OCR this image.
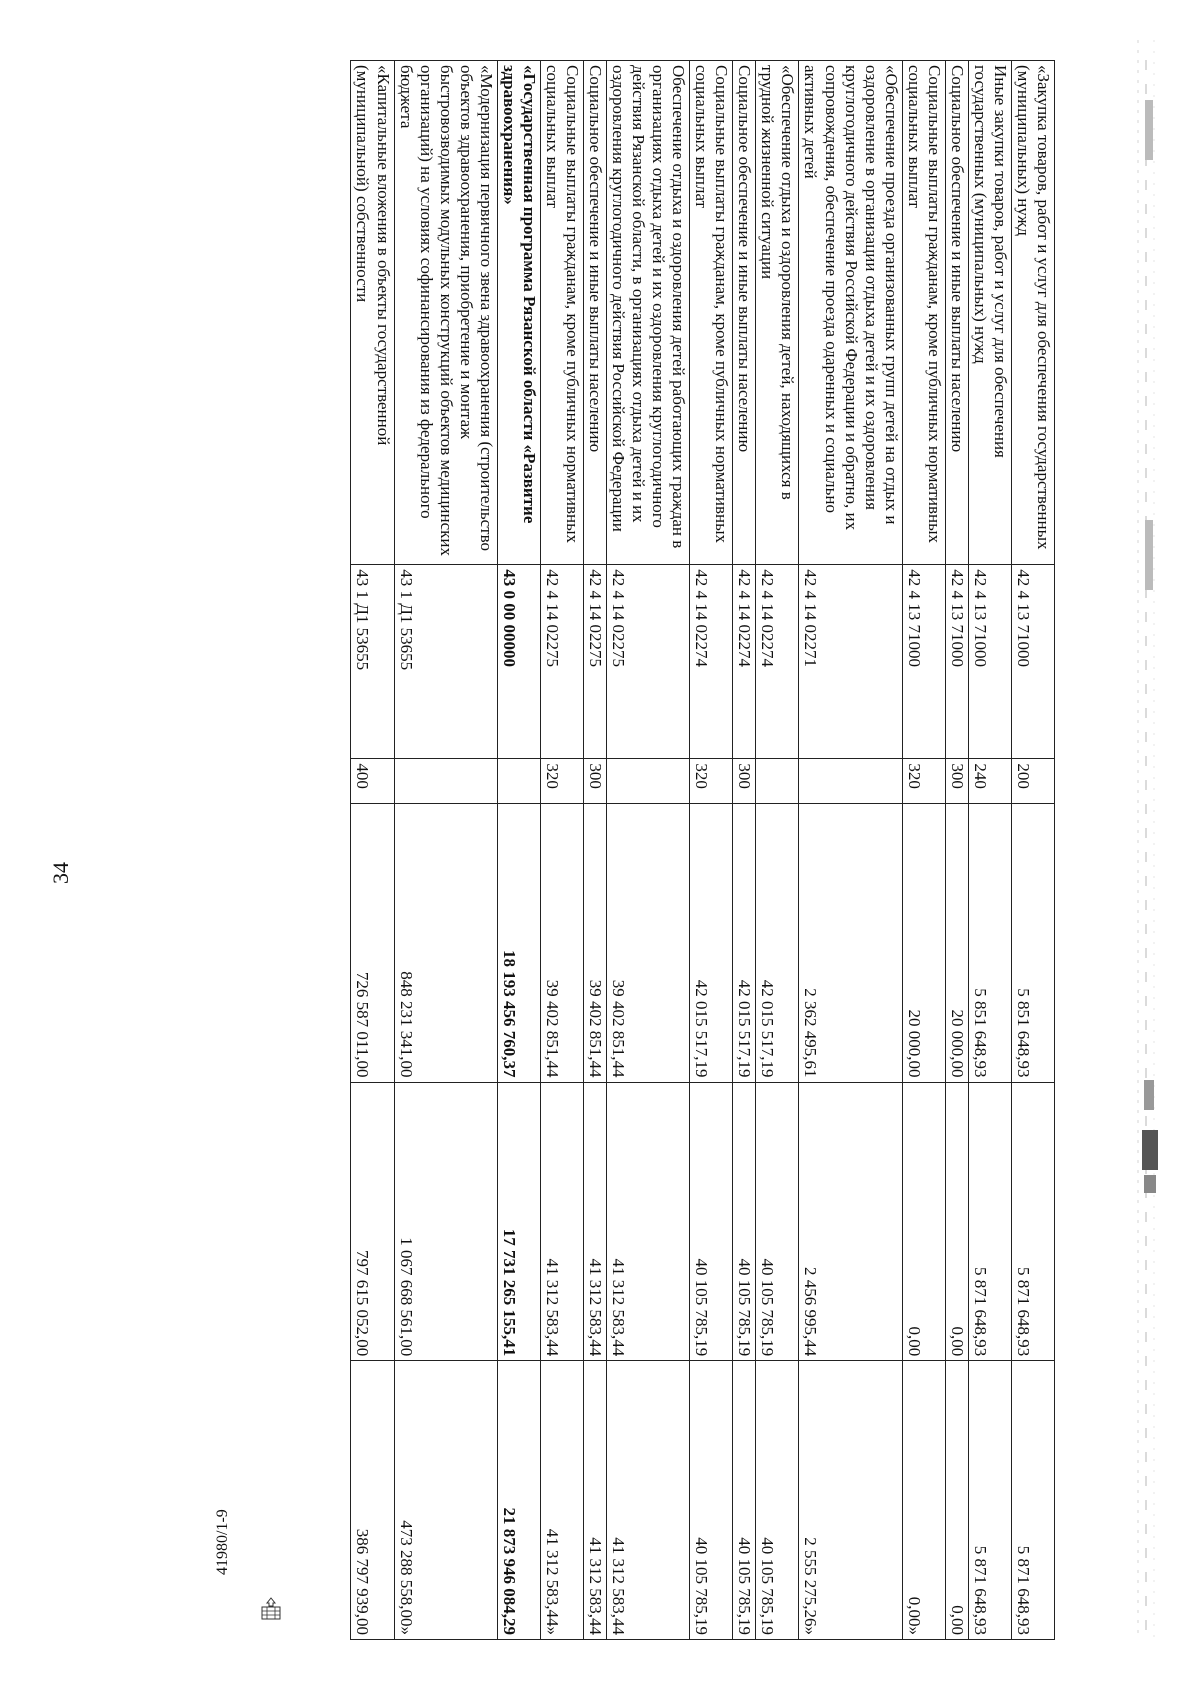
34
«Закупка товаров, работ и услуг для обеспечения государственных (муниципальных) нужд	42 4 13 71000	200	5 851 648,93	5 871 648,93	5 871 648,93
Иные закупки товаров, работ и услуг для обеспечения государственных (муниципальных) нужд	42 4 13 71000	240	5 851 648,93	5 871 648,93	5 871 648,93
Социальное обеспечение и иные выплаты населению	42 4 13 71000	300	20 000,00	0,00	0,00
Социальные выплаты гражданам, кроме публичных нормативных социальных выплат	42 4 13 71000	320	20 000,00	0,00	0,00»
«Обеспечение проезда организованных групп детей на отдых и оздоровление в организации отдыха детей и их оздоровления круглогодичного действия Российской Федерации и обратно, их сопровождения, обеспечение проезда одаренных и социально активных детей	42 4 14 02271		2 362 495,61	2 456 995,44	2 555 275,26»
«Обеспечение отдыха и оздоровления детей, находящихся в трудной жизненной ситуации	42 4 14 02274		42 015 517,19	40 105 785,19	40 105 785,19
Социальное обеспечение и иные выплаты населению	42 4 14 02274	300	42 015 517,19	40 105 785,19	40 105 785,19
Социальные выплаты гражданам, кроме публичных нормативных социальных выплат	42 4 14 02274	320	42 015 517,19	40 105 785,19	40 105 785,19
Обеспечение отдыха и оздоровления детей работающих граждан в организациях отдыха детей и их оздоровления круглогодичного действия Рязанской области, в организациях отдыха детей и их оздоровления круглогодичного действия Российской Федерации	42 4 14 02275		39 402 851,44	41 312 583,44	41 312 583,44
Социальное обеспечение и иные выплаты населению	42 4 14 02275	300	39 402 851,44	41 312 583,44	41 312 583,44
Социальные выплаты гражданам, кроме публичных нормативных социальных выплат	42 4 14 02275	320	39 402 851,44	41 312 583,44	41 312 583,44»
«Государственная программа Рязанской области «Развитие здравоохранения»	43 0 00 00000		18 193 456 760,37	17 731 265 155,41	21 873 946 084,29
«Модернизация первичного звена здравоохранения (строительство объектов здравоохранения, приобретение и монтаж быстровозводимых модульных конструкций объектов медицинских организаций) на условиях софинансирования из федерального бюджета	43 1 Д1 53655		848 231 341,00	1 067 668 561,00	473 288 558,00»
«Капитальные вложения в объекты государственной (муниципальной) собственности	43 1 Д1 53655	400	726 587 011,00	797 615 052,00	386 797 939,00
41980/1-9
